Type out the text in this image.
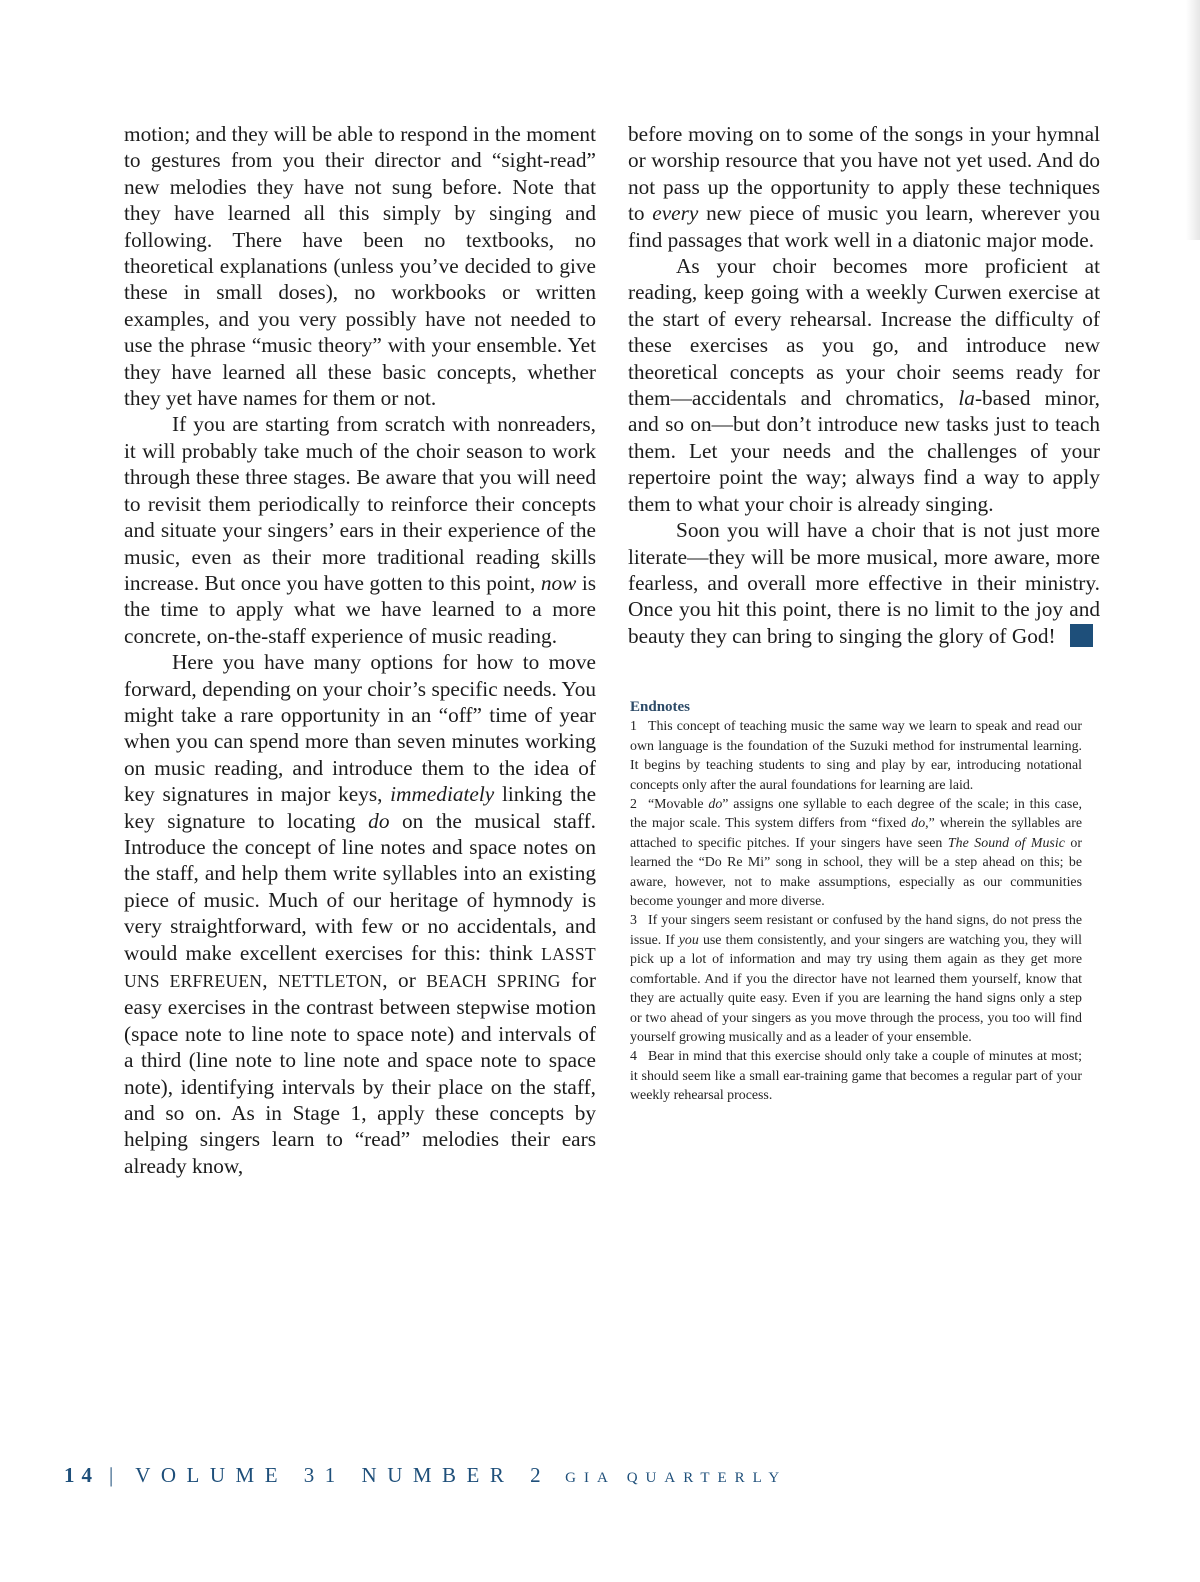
motion; and they will be able to respond in the moment to gestures from you their director and “sight-read” new melodies they have not sung before. Note that they have learned all this simply by singing and following. There have been no textbooks, no theoretical explanations (unless you’ve decided to give these in small doses), no workbooks or written examples, and you very possibly have not needed to use the phrase “music theory” with your ensemble. Yet they have learned all these basic concepts, whether they yet have names for them or not.

If you are starting from scratch with nonreaders, it will probably take much of the choir season to work through these three stages. Be aware that you will need to revisit them periodically to reinforce their concepts and situate your singers’ ears in their experience of the music, even as their more traditional reading skills increase. But once you have gotten to this point, now is the time to apply what we have learned to a more concrete, on-the-staff experience of music reading.

Here you have many options for how to move forward, depending on your choir’s specific needs. You might take a rare opportunity in an “off” time of year when you can spend more than seven minutes working on music reading, and introduce them to the idea of key signatures in major keys, immediately linking the key signature to locating do on the musical staff. Introduce the concept of line notes and space notes on the staff, and help them write syllables into an existing piece of music. Much of our heritage of hymnody is very straightforward, with few or no accidentals, and would make excellent exercises for this: think LASST UNS ERFREUEN, NETTLETON, or BEACH SPRING for easy exercises in the contrast between stepwise motion (space note to line note to space note) and intervals of a third (line note to line note and space note to space note), identifying intervals by their place on the staff, and so on. As in Stage 1, apply these concepts by helping singers learn to “read” melodies their ears already know,

before moving on to some of the songs in your hymnal or worship resource that you have not yet used. And do not pass up the opportunity to apply these techniques to every new piece of music you learn, wherever you find passages that work well in a diatonic major mode.

As your choir becomes more proficient at reading, keep going with a weekly Curwen exercise at the start of every rehearsal. Increase the difficulty of these exercises as you go, and introduce new theoretical concepts as your choir seems ready for them—accidentals and chromatics, la-based minor, and so on—but don’t introduce new tasks just to teach them. Let your needs and the challenges of your repertoire point the way; always find a way to apply them to what your choir is already singing.

Soon you will have a choir that is not just more literate—they will be more musical, more aware, more fearless, and overall more effective in their ministry. Once you hit this point, there is no limit to the joy and beauty they can bring to singing the glory of God!

Endnotes

1 This concept of teaching music the same way we learn to speak and read our own language is the foundation of the Suzuki method for instrumental learning. It begins by teaching students to sing and play by ear, introducing notational concepts only after the aural foundations for learning are laid.

2 “Movable do” assigns one syllable to each degree of the scale; in this case, the major scale. This system differs from “fixed do,” wherein the syllables are attached to specific pitches. If your singers have seen The Sound of Music or learned the “Do Re Mi” song in school, they will be a step ahead on this; be aware, however, not to make assumptions, especially as our communities become younger and more diverse.

3 If your singers seem resistant or confused by the hand signs, do not press the issue. If you use them consistently, and your singers are watching you, they will pick up a lot of information and may try using them again as they get more comfortable. And if you the director have not learned them yourself, know that they are actually quite easy. Even if you are learning the hand signs only a step or two ahead of your singers as you move through the process, you too will find yourself growing musically and as a leader of your ensemble.

4 Bear in mind that this exercise should only take a couple of minutes at most; it should seem like a small ear-training game that becomes a regular part of your weekly rehearsal process.

14 | VOLUME 31 NUMBER 2 GIA QUARTERLY
